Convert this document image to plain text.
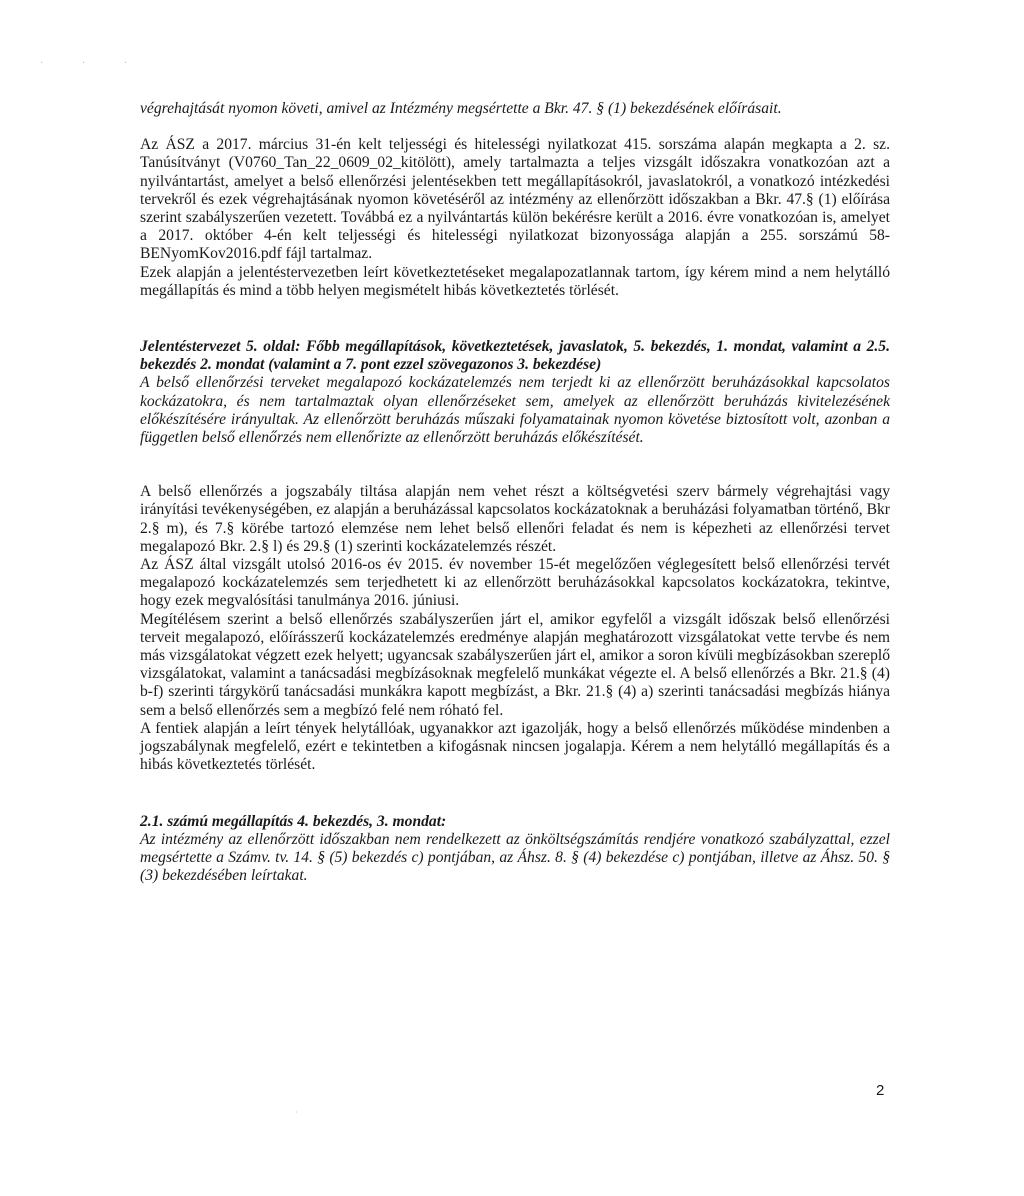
· · ·

végrehajtását nyomon követi, amivel az Intézmény megsértette a Bkr. 47. § (1) bekezdésének előírásait.

Az ÁSZ a 2017. március 31-én kelt teljességi és hitelességi nyilatkozat 415. sorszáma alapán megkapta a 2. sz. Tanúsítványt (V0760_Tan_22_0609_02_kitölött), amely tartalmazta a teljes vizsgált időszakra vonatkozóan azt a nyilvántartást, amelyet a belső ellenőrzési jelentésekben tett megállapításokról, javaslatokról, a vonatkozó intézkedési tervekről és ezek végrehajtásának nyomon követéséről az intézmény az ellenőrzött időszakban a Bkr. 47.§ (1) előírása szerint szabályszerűen vezetett. Továbbá ez a nyilvántartás külön bekérésre került a 2016. évre vonatkozóan is, amelyet a 2017. október 4-én kelt teljességi és hitelességi nyilatkozat bizonyossága alapján a 255. sorszámú 58-BENyomKov2016.pdf fájl tartalmaz.

Ezek alapján a jelentéstervezetben leírt következtetéseket megalapozatlannak tartom, így kérem mind a nem helytálló megállapítás és mind a több helyen megismételt hibás következtetés törlését.

Jelentéstervezet 5. oldal: Főbb megállapítások, következtetések, javaslatok, 5. bekezdés, 1. mondat, valamint a 2.5. bekezdés 2. mondat (valamint a 7. pont ezzel szövegazonos 3. bekezdése)

A belső ellenőrzési terveket megalapozó kockázatelemzés nem terjedt ki az ellenőrzött beruházásokkal kapcsolatos kockázatokra, és nem tartalmaztak olyan ellenőrzéseket sem, amelyek az ellenőrzött beruházás kivitelezésének előkészítésére irányultak. Az ellenőrzött beruházás műszaki folyamatainak nyomon követése biztosított volt, azonban a független belső ellenőrzés nem ellenőrizte az ellenőrzött beruházás előkészítését.

A belső ellenőrzés a jogszabály tiltása alapján nem vehet részt a költségvetési szerv bármely végrehajtási vagy irányítási tevékenységében, ez alapján a beruházással kapcsolatos kockázatoknak a beruházási folyamatban történő, Bkr 2.§ m), és 7.§ körébe tartozó elemzése nem lehet belső ellenőri feladat és nem is képezheti az ellenőrzési tervet megalapozó Bkr. 2.§ l) és 29.§ (1) szerinti kockázatelemzés részét.

Az ÁSZ által vizsgált utolsó 2016-os év 2015. év november 15-ét megelőzően véglegesített belső ellenőrzési tervét megalapozó kockázatelemzés sem terjedhetett ki az ellenőrzött beruházásokkal kapcsolatos kockázatokra, tekintve, hogy ezek megvalósítási tanulmánya 2016. júniusi.

Megítélésem szerint a belső ellenőrzés szabályszerűen járt el, amikor egyfelől a vizsgált időszak belső ellenőrzési terveit megalapozó, előírásszerű kockázatelemzés eredménye alapján meghatározott vizsgálatokat vette tervbe és nem más vizsgálatokat végzett ezek helyett; ugyancsak szabályszerűen járt el, amikor a soron kívüli megbízásokban szereplő vizsgálatokat, valamint a tanácsadási megbízásoknak megfelelő munkákat végezte el. A belső ellenőrzés a Bkr. 21.§ (4) b-f) szerinti tárgykörű tanácsadási munkákra kapott megbízást, a Bkr. 21.§ (4) a) szerinti tanácsadási megbízás hiánya sem a belső ellenőrzés sem a megbízó felé nem róható fel.

A fentiek alapján a leírt tények helytállóak, ugyanakkor azt igazolják, hogy a belső ellenőrzés működése mindenben a jogszabálynak megfelelő, ezért e tekintetben a kifogásnak nincsen jogalapja. Kérem a nem helytálló megállapítás és a hibás következtetés törlését.

2.1. számú megállapítás 4. bekezdés, 3. mondat:

Az intézmény az ellenőrzött időszakban nem rendelkezett az önköltségszámítás rendjére vonatkozó szabályzattal, ezzel megsértette a Számv. tv. 14. § (5) bekezdés c) pontjában, az Áhsz. 8. § (4) bekezdése c) pontjában, illetve az Áhsz. 50. § (3) bekezdésében leírtakat.

2
·
